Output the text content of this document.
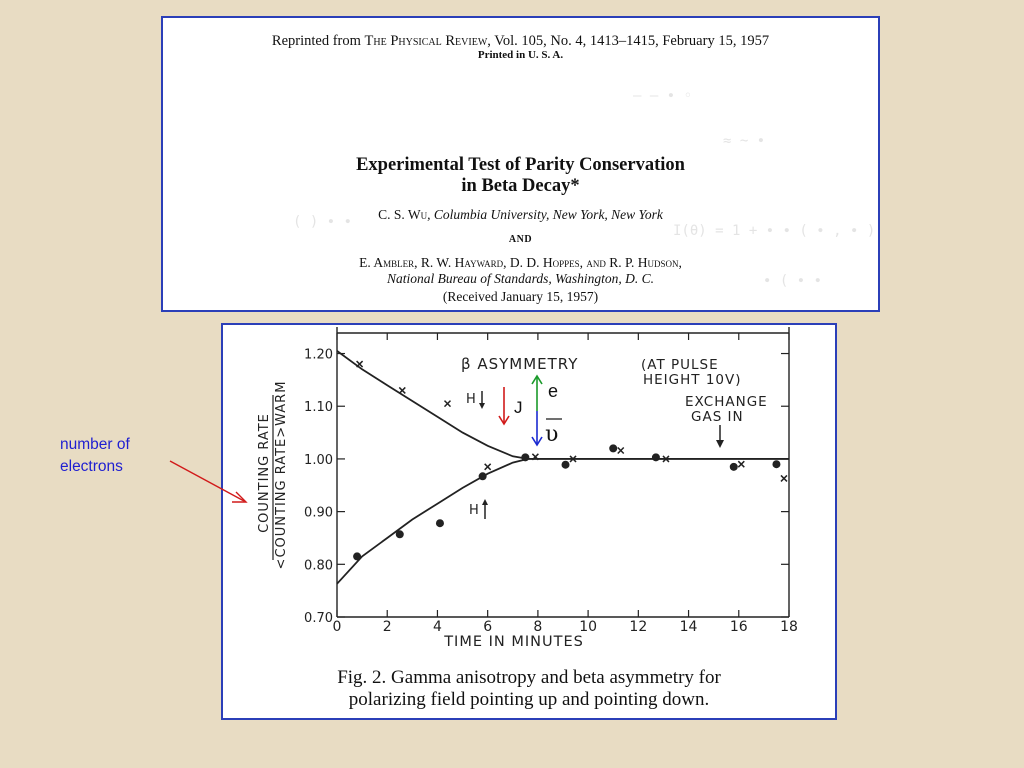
— — ∙ ◦
≈ ~ ∙
( ) ∙ ∙
I(θ) = 1 + ∙ ∙ ( ∙ , ∙ )
∙ ( ∙ ∙
Reprinted from The Physical Review, Vol. 105, No. 4, 1413–1415, February 15, 1957
Printed in U. S. A.
Experimental Test of Parity Conservation
in Beta Decay*
C. S. Wu, Columbia University, New York, New York
AND
E. Ambler, R. W. Hayward, D. D. Hoppes, and R. P. Hudson,
National Bureau of Standards, Washington, D. C.
(Received January 15, 1957)
0	2	4	6	8	10 12 14 16 18
0.70
0.80
0.90
1.00
1.10
1.20
TIME IN MINUTES
COUNTING RATE <COUNTING RATE>WARM
β ASYMMETRY	(AT PULSE
HEIGHT 10V)
EXCHANGE
GAS IN
H
H
J
e
υ
Fig. 2. Gamma anisotropy and beta asymmetry for
polarizing field pointing up and pointing down.
number of
electrons
